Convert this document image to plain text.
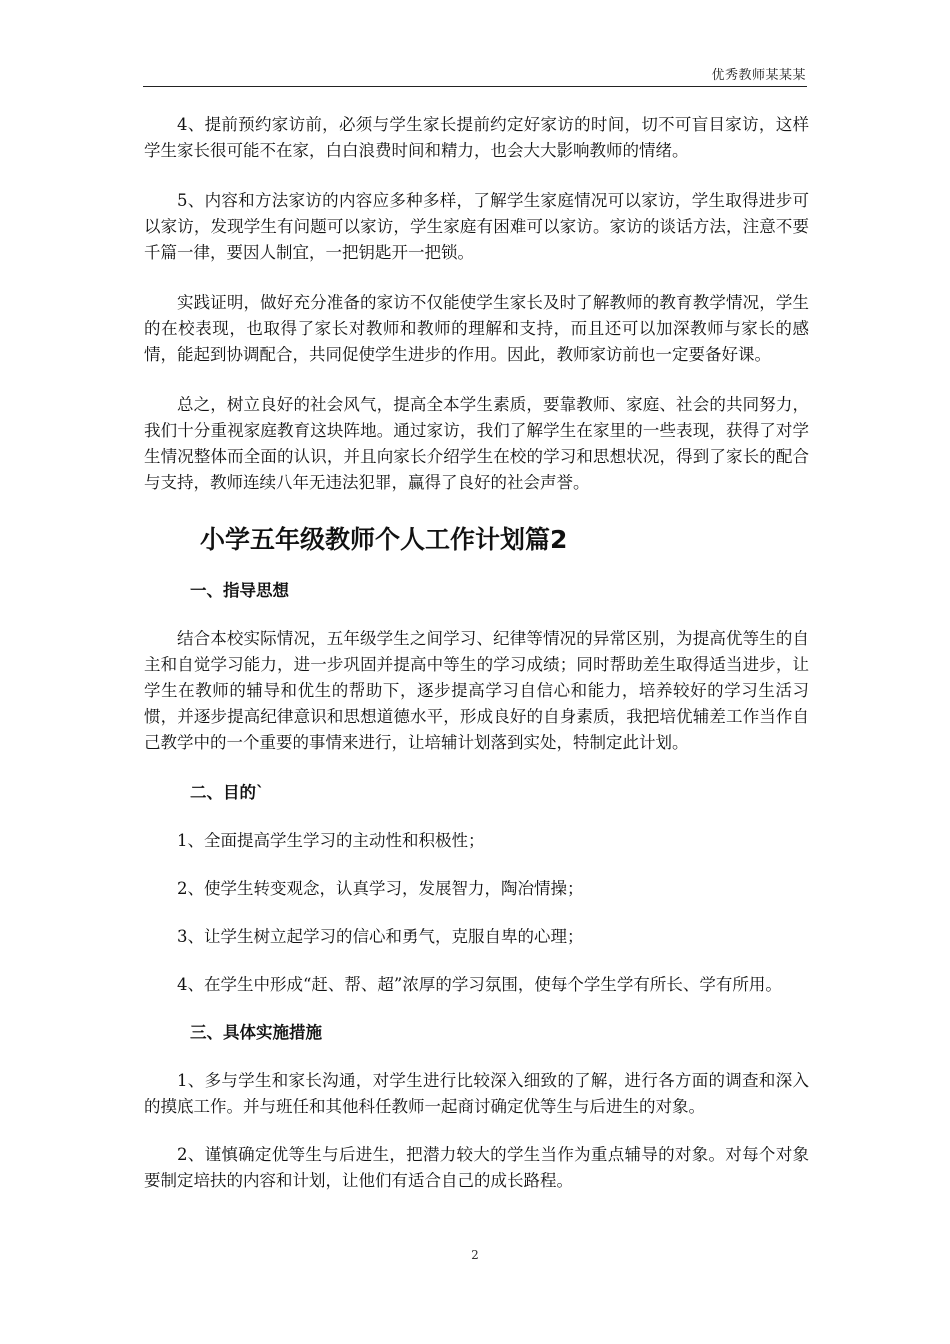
优秀教师某某某

4、提前预约家访前，必须与学生家长提前约定好家访的时间，切不可盲目家访，这样学生家长很可能不在家，白白浪费时间和精力，也会大大影响教师的情绪。

5、内容和方法家访的内容应多种多样，了解学生家庭情况可以家访，学生取得进步可以家访，发现学生有问题可以家访，学生家庭有困难可以家访。家访的谈话方法，注意不要千篇一律，要因人制宜，一把钥匙开一把锁。

实践证明，做好充分准备的家访不仅能使学生家长及时了解教师的教育教学情况，学生的在校表现，也取得了家长对教师和教师的理解和支持，而且还可以加深教师与家长的感情，能起到协调配合，共同促使学生进步的作用。因此，教师家访前也一定要备好课。

总之，树立良好的社会风气，提高全本学生素质，要靠教师、家庭、社会的共同努力，我们十分重视家庭教育这块阵地。通过家访，我们了解学生在家里的一些表现，获得了对学生情况整体而全面的认识，并且向家长介绍学生在校的学习和思想状况，得到了家长的配合与支持，教师连续八年无违法犯罪，赢得了良好的社会声誉。

小学五年级教师个人工作计划篇2
一、指导思想

结合本校实际情况，五年级学生之间学习、纪律等情况的异常区别，为提高优等生的自主和自觉学习能力，进一步巩固并提高中等生的学习成绩；同时帮助差生取得适当进步，让学生在教师的辅导和优生的帮助下，逐步提高学习自信心和能力，培养较好的学习生活习惯，并逐步提高纪律意识和思想道德水平，形成良好的自身素质，我把培优辅差工作当作自己教学中的一个重要的事情来进行，让培辅计划落到实处，特制定此计划。

二、目的`

1、全面提高学生学习的主动性和积极性；

2、使学生转变观念，认真学习，发展智力，陶冶情操；

3、让学生树立起学习的信心和勇气，克服自卑的心理；

4、在学生中形成“赶、帮、超”浓厚的学习氛围，使每个学生学有所长、学有所用。

三、具体实施措施

1、多与学生和家长沟通，对学生进行比较深入细致的了解，进行各方面的调查和深入的摸底工作。并与班任和其他科任教师一起商讨确定优等生与后进生的对象。

2、谨慎确定优等生与后进生，把潜力较大的学生当作为重点辅导的对象。对每个对象要制定培扶的内容和计划，让他们有适合自己的成长路程。

2
